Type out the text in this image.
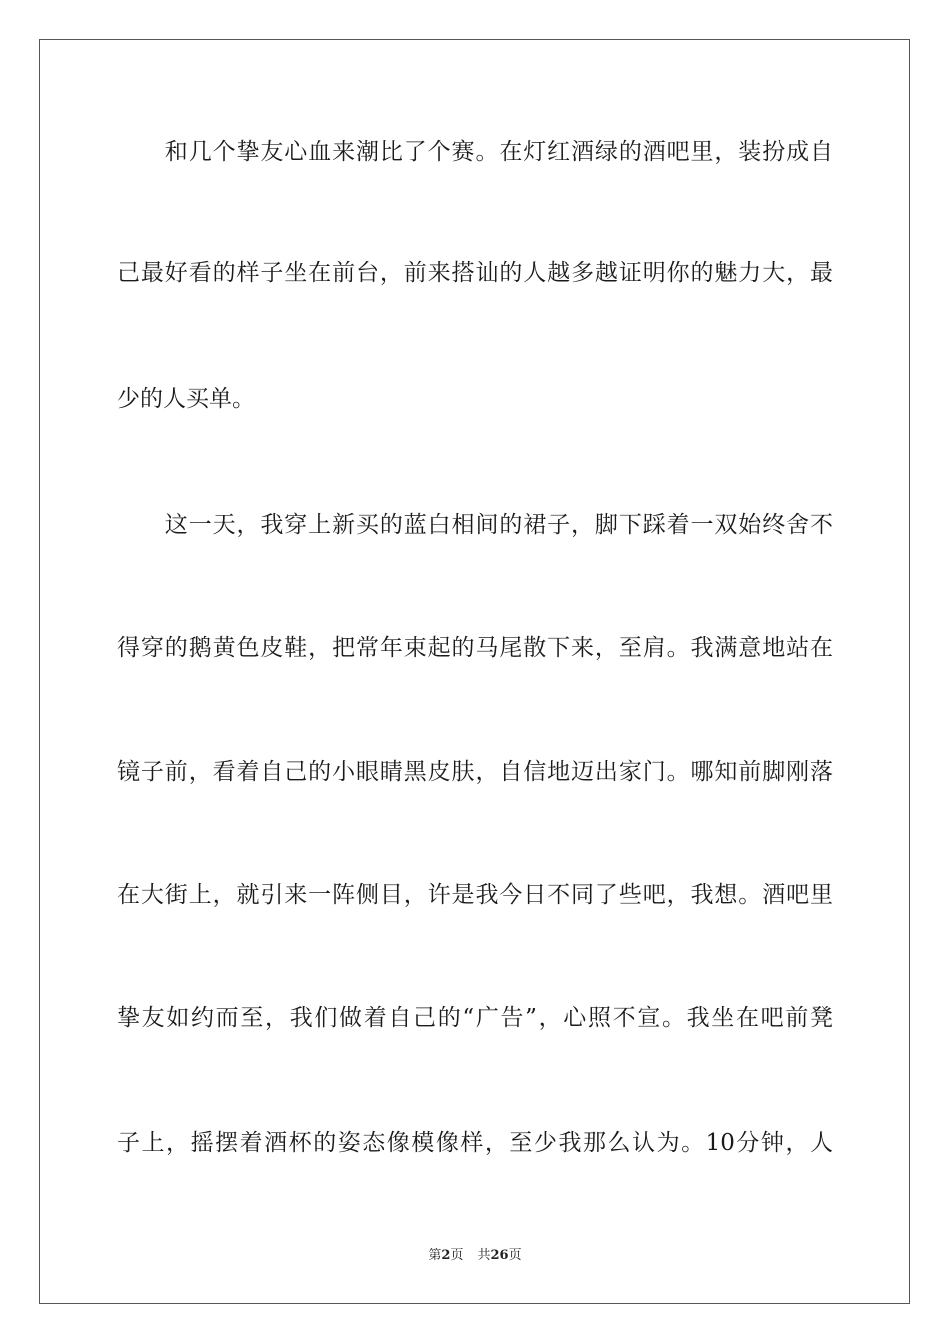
　　和几个挚友心血来潮比了个赛。在灯红酒绿的酒吧里，装扮成自
己最好看的样子坐在前台，前来搭讪的人越多越证明你的魅力大，最
少的人买单。
　　这一天，我穿上新买的蓝白相间的裙子，脚下踩着一双始终舍不
得穿的鹅黄色皮鞋，把常年束起的马尾散下来，至肩。我满意地站在
镜子前，看着自己的小眼睛黑皮肤，自信地迈出家门。哪知前脚刚落
在大街上，就引来一阵侧目，许是我今日不同了些吧，我想。酒吧里
挚友如约而至，我们做着自己的“广告”，心照不宣。我坐在吧前凳
子上，摇摆着酒杯的姿态像模像样，至少我那么认为。10分钟，人
第2页 共26页
